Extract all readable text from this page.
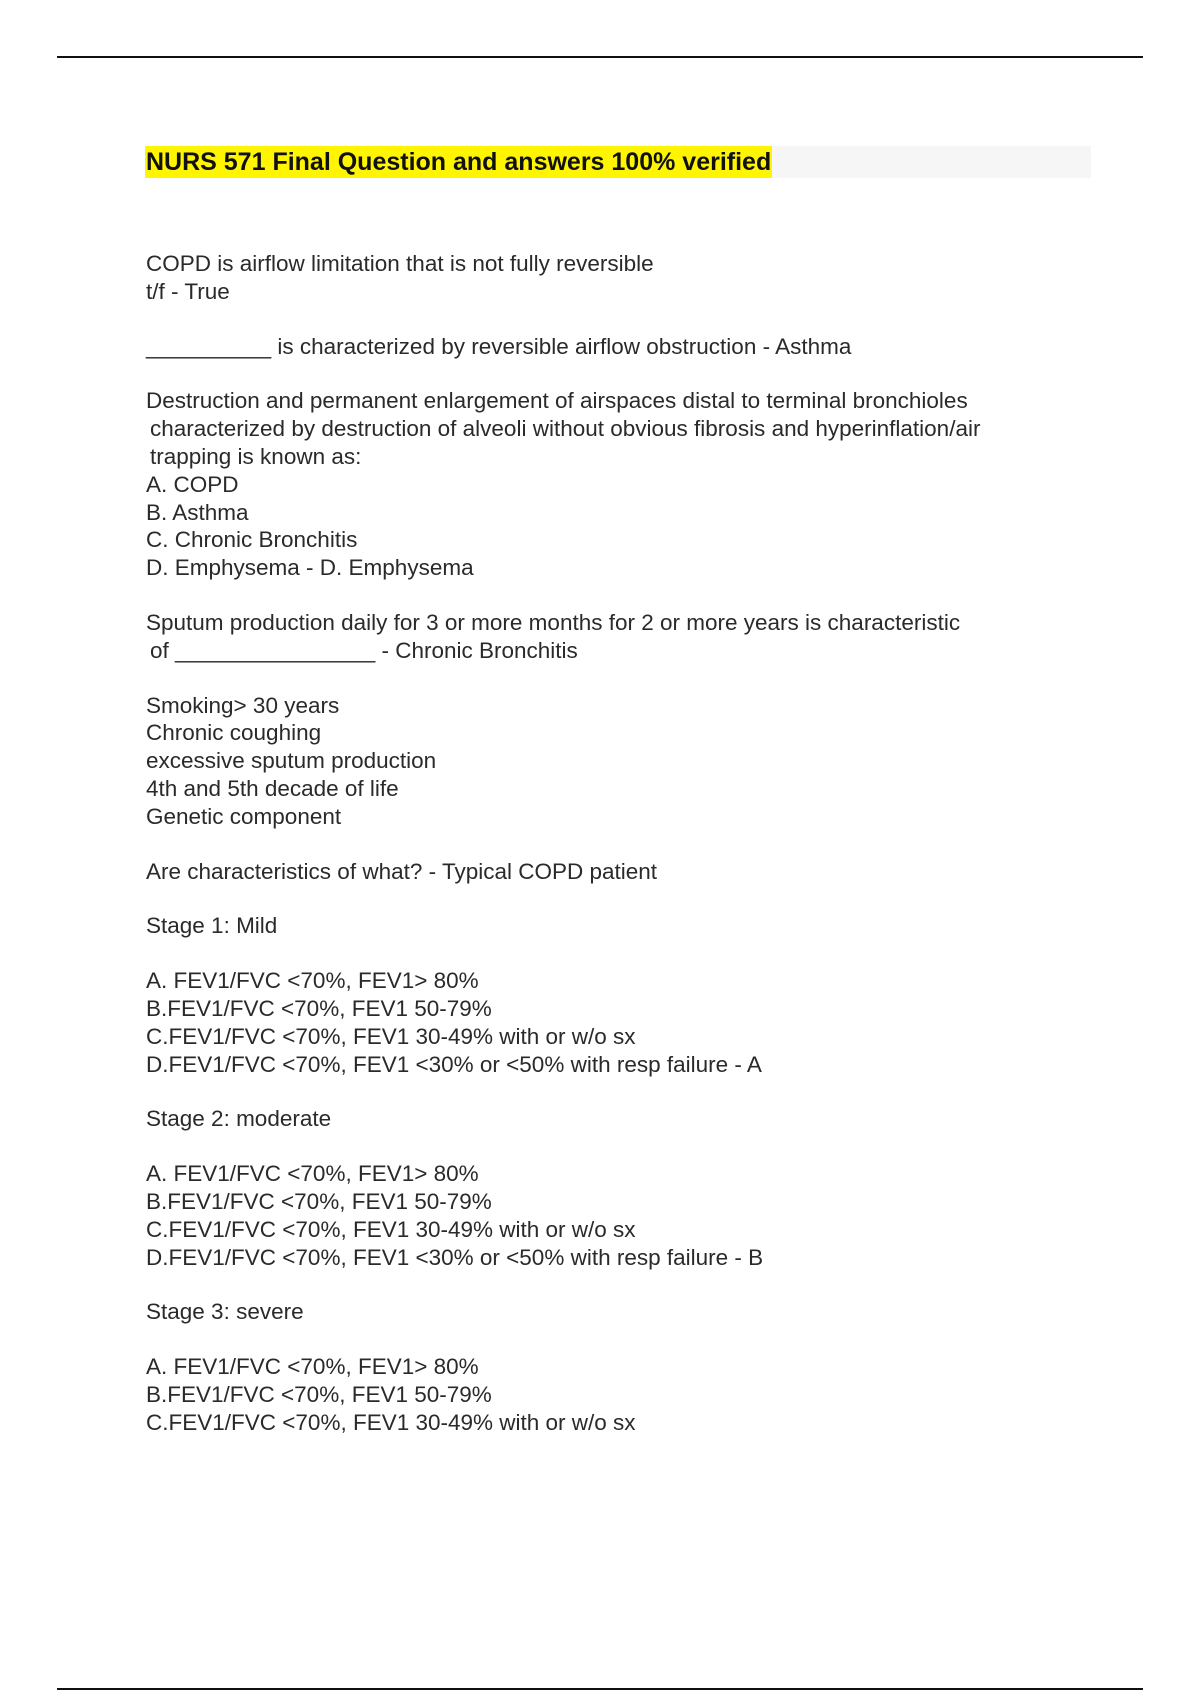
NURS 571 Final Question and answers 100% verified
COPD is airflow limitation that is not fully reversible
t/f - True
__________ is characterized by reversible airflow obstruction - Asthma
Destruction and permanent enlargement of airspaces distal to terminal bronchioles
characterized by destruction of alveoli without obvious fibrosis and hyperinflation/air
trapping is known as:
A. COPD
B. Asthma
C. Chronic Bronchitis
D. Emphysema - D. Emphysema
Sputum production daily for 3 or more months for 2 or more years is characteristic
of ________________ - Chronic Bronchitis
Smoking> 30 years
Chronic coughing
excessive sputum production
4th and 5th decade of life
Genetic component
Are characteristics of what? - Typical COPD patient
Stage 1: Mild
A. FEV1/FVC <70%, FEV1> 80%
B.FEV1/FVC <70%, FEV1 50-79%
C.FEV1/FVC <70%, FEV1 30-49% with or w/o sx
D.FEV1/FVC <70%, FEV1 <30% or <50% with resp failure - A
Stage 2: moderate
A. FEV1/FVC <70%, FEV1> 80%
B.FEV1/FVC <70%, FEV1 50-79%
C.FEV1/FVC <70%, FEV1 30-49% with or w/o sx
D.FEV1/FVC <70%, FEV1 <30% or <50% with resp failure - B
Stage 3: severe
A. FEV1/FVC <70%, FEV1> 80%
B.FEV1/FVC <70%, FEV1 50-79%
C.FEV1/FVC <70%, FEV1 30-49% with or w/o sx
